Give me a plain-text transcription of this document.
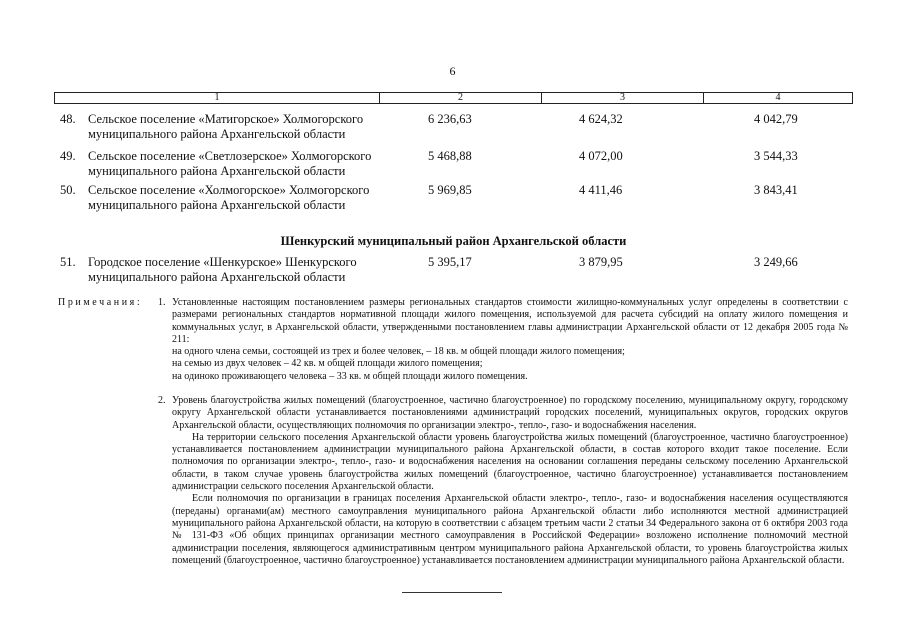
6
1	2	3	4
48. Сельское поселение «Матигорское» Холмогорского
муниципального района Архангельской области
6 236,63	4 624,32	4 042,79
49. Сельское поселение «Светлозерское» Холмогорского
муниципального района Архангельской области
5 468,88	4 072,00	3 544,33
50. Сельское поселение «Холмогорское» Холмогорского
муниципального района Архангельской области
5 969,85	4 411,46	3 843,41
Шенкурский муниципальный район Архангельской области
51. Городское поселение «Шенкурское» Шенкурского
муниципального района Архангельской области
5 395,17	3 879,95	3 249,66
Примечания: 1. Установленные настоящим постановлением размеры региональных стандартов стоимости жилищно-коммунальных услуг определены в соответствии с размерами региональных стандартов нормативной площади жилого помещения, используемой для расчета субсидий на оплату жилого помещения и коммунальных услуг, в Архангельской области, утвержденными постановлением главы администрации Архангельской области от 12 декабря 2005 года № 211:

на одного члена семьи, состоящей из трех и более человек, – 18 кв. м общей площади жилого помещения;

на семью из двух человек – 42 кв. м общей площади жилого помещения;

на одиноко проживающего человека – 33 кв. м общей площади жилого помещения.

2. Уровень благоустройства жилых помещений (благоустроенное, частично благоустроенное) по городскому поселению, муниципальному округу, городскому округу Архангельской области устанавливается постановлениями администраций городских поселений, муниципальных округов, городских округов Архангельской области, осуществляющих полномочия по организации электро-, тепло-, газо- и водоснабжения населения.

На территории сельского поселения Архангельской области уровень благоустройства жилых помещений (благоустроенное, частично благоустроенное) устанавливается постановлением администрации муниципального района Архангельской области, в состав которого входит такое поселение. Если полномочия по организации электро-, тепло-, газо- и водоснабжения населения на основании соглашения переданы сельскому поселению Архангельской области, в таком случае уровень благоустройства жилых помещений (благоустроенное, частично благоустроенное) устанавливается постановлением администрации сельского поселения Архангельской области.

Если полномочия по организации в границах поселения Архангельской области электро-, тепло-, газо- и водоснабжения населения осуществляются (переданы) органами(ам) местного самоуправления муниципального района Архангельской области либо исполняются местной администрацией муниципального района Архангельской области, на которую в соответствии с абзацем третьим части 2 статьи 34 Федерального закона от 6 октября 2003 года № 131-ФЗ «Об общих принципах организации местного самоуправления в Российской Федерации» возложено исполнение полномочий местной администрации поселения, являющегося административным центром муниципального района Архангельской области, то уровень благоустройства жилых помещений (благоустроенное, частично благоустроенное) устанавливается постановлением администрации муниципального района Архангельской области.
